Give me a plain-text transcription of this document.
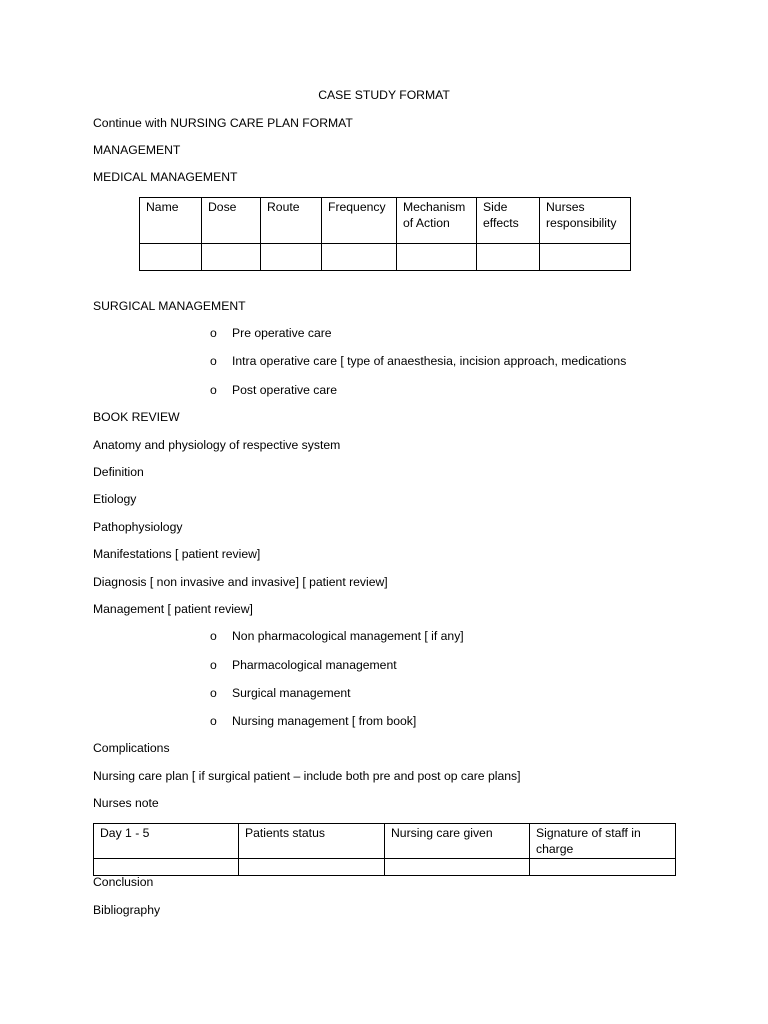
CASE STUDY FORMAT
Continue with NURSING CARE PLAN FORMAT
MANAGEMENT
MEDICAL MANAGEMENT
Name	Dose	Route	Frequency	Mechanism of Action	Side effects	Nurses responsibility

SURGICAL MANAGEMENT
o Pre operative care
o Intra operative care [ type of anaesthesia, incision approach, medications
o Post operative care
BOOK REVIEW
Anatomy and physiology of respective system
Definition
Etiology
Pathophysiology
Manifestations [ patient review]
Diagnosis [ non invasive and invasive] [ patient review]
Management [ patient review]
o Non pharmacological management [ if any]
o Pharmacological management
o Surgical management
o Nursing management [ from book]
Complications
Nursing care plan [ if surgical patient – include both pre and post op care plans]
Nurses note
Day 1 - 5	Patients status	Nursing care given	Signature of staff in charge

Conclusion
Bibliography
